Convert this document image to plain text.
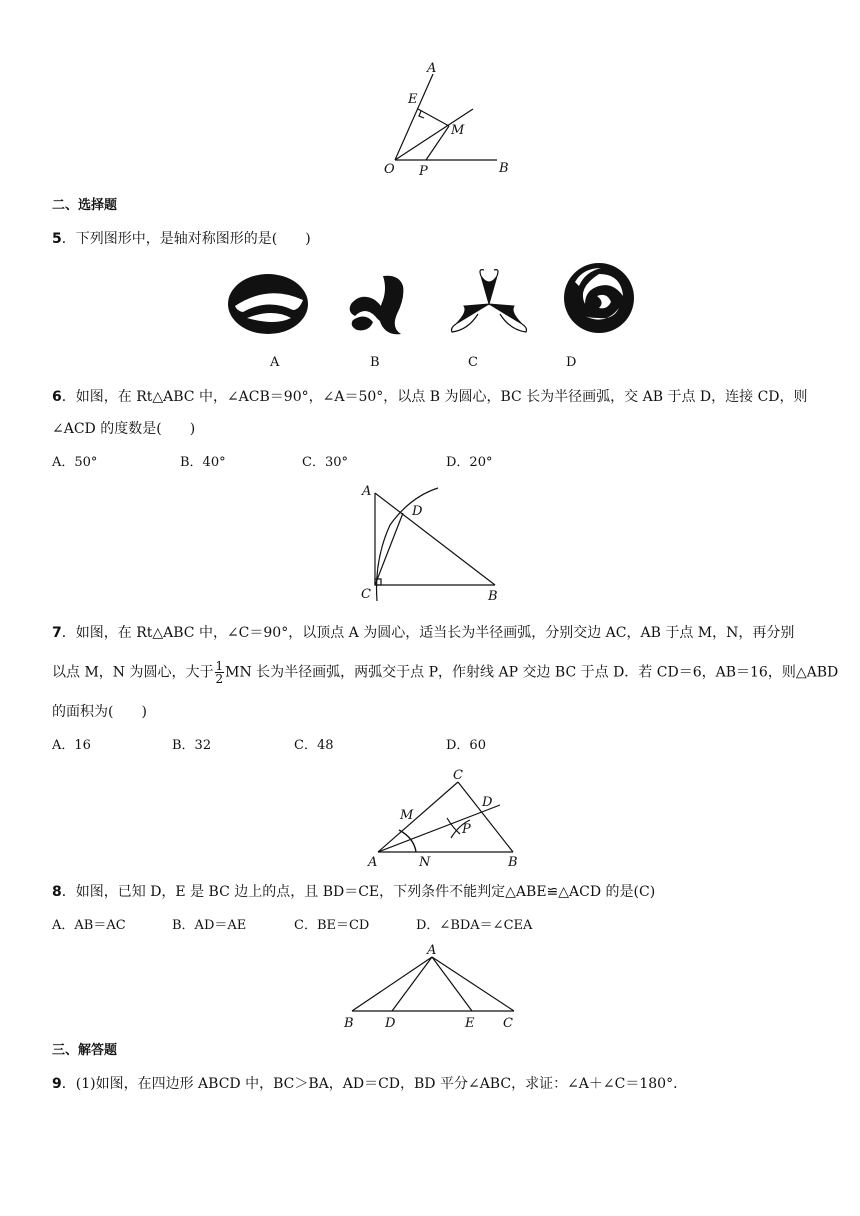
A
E
M
O P	B
二、选择题
5．下列图形中，是轴对称图形的是(　　)
A	B	C	D
6．如图，在 Rt△ABC 中，∠ACB＝90°，∠A＝50°，以点 B 为圆心，BC 长为半径画弧，交 AB 于点 D，连接 CD，则
∠ACD 的度数是(　　)
A．50°	B．40°	C．30°	D．20°
A
D
C	B
7．如图，在 Rt△ABC 中，∠C＝90°，以顶点 A 为圆心，适当长为半径画弧，分别交边 AC，AB 于点 M，N，再分别
以点 M，N 为圆心，大于 $\frac{1}{2}$ MN 长为半径画弧，两弧交于点 P，作射线 AP 交边 BC 于点 D．若 CD＝6，AB＝16，则△ABD
的面积为(　　)
A．16	B．32	C．48	D．60
C
M
D
P
A	N	B
8．如图，已知 D，E 是 BC 边上的点，且 BD＝CE，下列条件不能判定△ABE≌△ACD 的是(C)
A．AB＝AC	B．AD＝AE	C．BE＝CD	D．∠BDA＝∠CEA
A
B D	E C
三、解答题
9．(1)如图，在四边形 ABCD 中，BC＞BA，AD＝CD，BD 平分∠ABC，求证：∠A＋∠C＝180°．
